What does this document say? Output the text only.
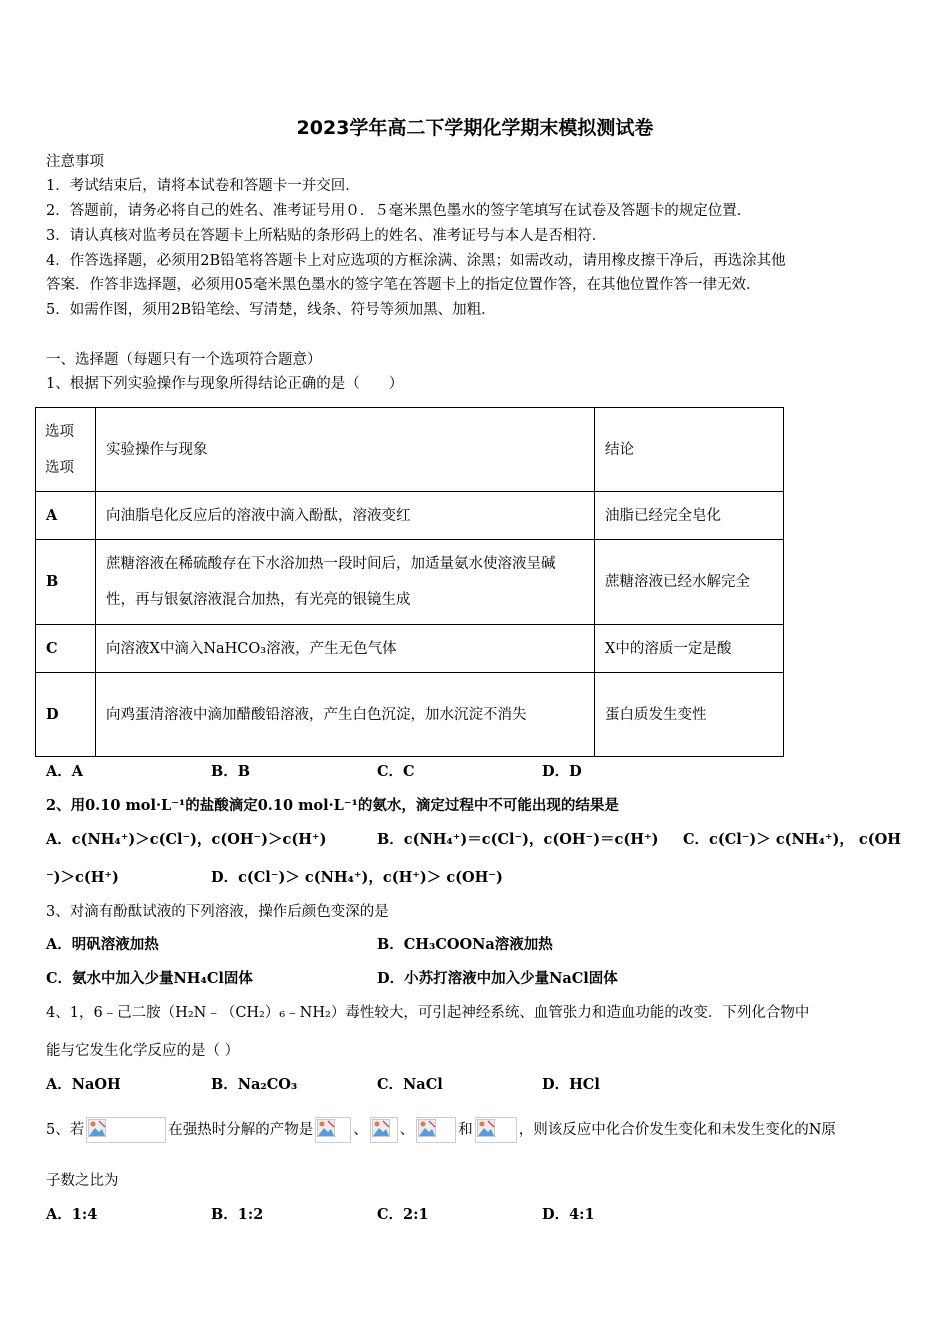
2023学年高二下学期化学期末模拟测试卷
注意事项
1．考试结束后，请将本试卷和答题卡一并交回．
2．答题前，请务必将自己的姓名、准考证号用０．５毫米黑色墨水的签字笔填写在试卷及答题卡的规定位置．
3．请认真核对监考员在答题卡上所粘贴的条形码上的姓名、准考证号与本人是否相符．
4．作答选择题，必须用2B铅笔将答题卡上对应选项的方框涂满、涂黑；如需改动，请用橡皮擦干净后，再选涂其他
答案．作答非选择题，必须用05毫米黑色墨水的签字笔在答题卡上的指定位置作答，在其他位置作答一律无效．
5．如需作图，须用2B铅笔绘、写清楚，线条、符号等须加黑、加粗．
一、选择题（每题只有一个选项符合题意）
1、根据下列实验操作与现象所得结论正确的是（　　）
选项
选项	实验操作与现象	结论
A	向油脂皂化反应后的溶液中滴入酚酞，溶液变红	油脂已经完全皂化
B	蔗糖溶液在稀硫酸存在下水浴加热一段时间后，加适量氨水使溶液呈碱性，再与银氨溶液混合加热，有光亮的银镜生成	蔗糖溶液已经水解完全
C	向溶液X中滴入NaHCO₃溶液，产生无色气体	X中的溶质一定是酸
D	向鸡蛋清溶液中滴加醋酸铅溶液，产生白色沉淀，加水沉淀不消失	蛋白质发生变性
A．A	B．B	C．C	D．D
2、用0.10 mol·L⁻¹的盐酸滴定0.10 mol·L⁻¹的氨水，滴定过程中不可能出现的结果是
A．c(NH₄⁺)＞c(Cl⁻)，c(OH⁻)＞c(H⁺)	B．c(NH₄⁺)＝c(Cl⁻)，c(OH⁻)＝c(H⁺) C．c(Cl⁻)＞ c(NH₄⁺)， c(OH
⁻)＞c(H⁺)	D．c(Cl⁻)＞ c(NH₄⁺)，c(H⁺)＞ c(OH⁻)
3、对滴有酚酞试液的下列溶液，操作后颜色变深的是
A．明矾溶液加热	B．CH₃COONa溶液加热
C．氨水中加入少量NH₄Cl固体	D．小苏打溶液中加入少量NaCl固体
4、1，6﹣己二胺（H₂N﹣（CH₂）₆﹣NH₂）毒性较大，可引起神经系统、血管张力和造血功能的改变．下列化合物中
能与它发生化学反应的是（ ）
A．NaOH	B．Na₂CO₃	C．NaCl	D．HCl
5、若	在强热时分解的产物是	、 、	和	，则该反应中化合价发生变化和未发生变化的N原
子数之比为
A．1:4	B．1:2	C．2:1	D．4:1
